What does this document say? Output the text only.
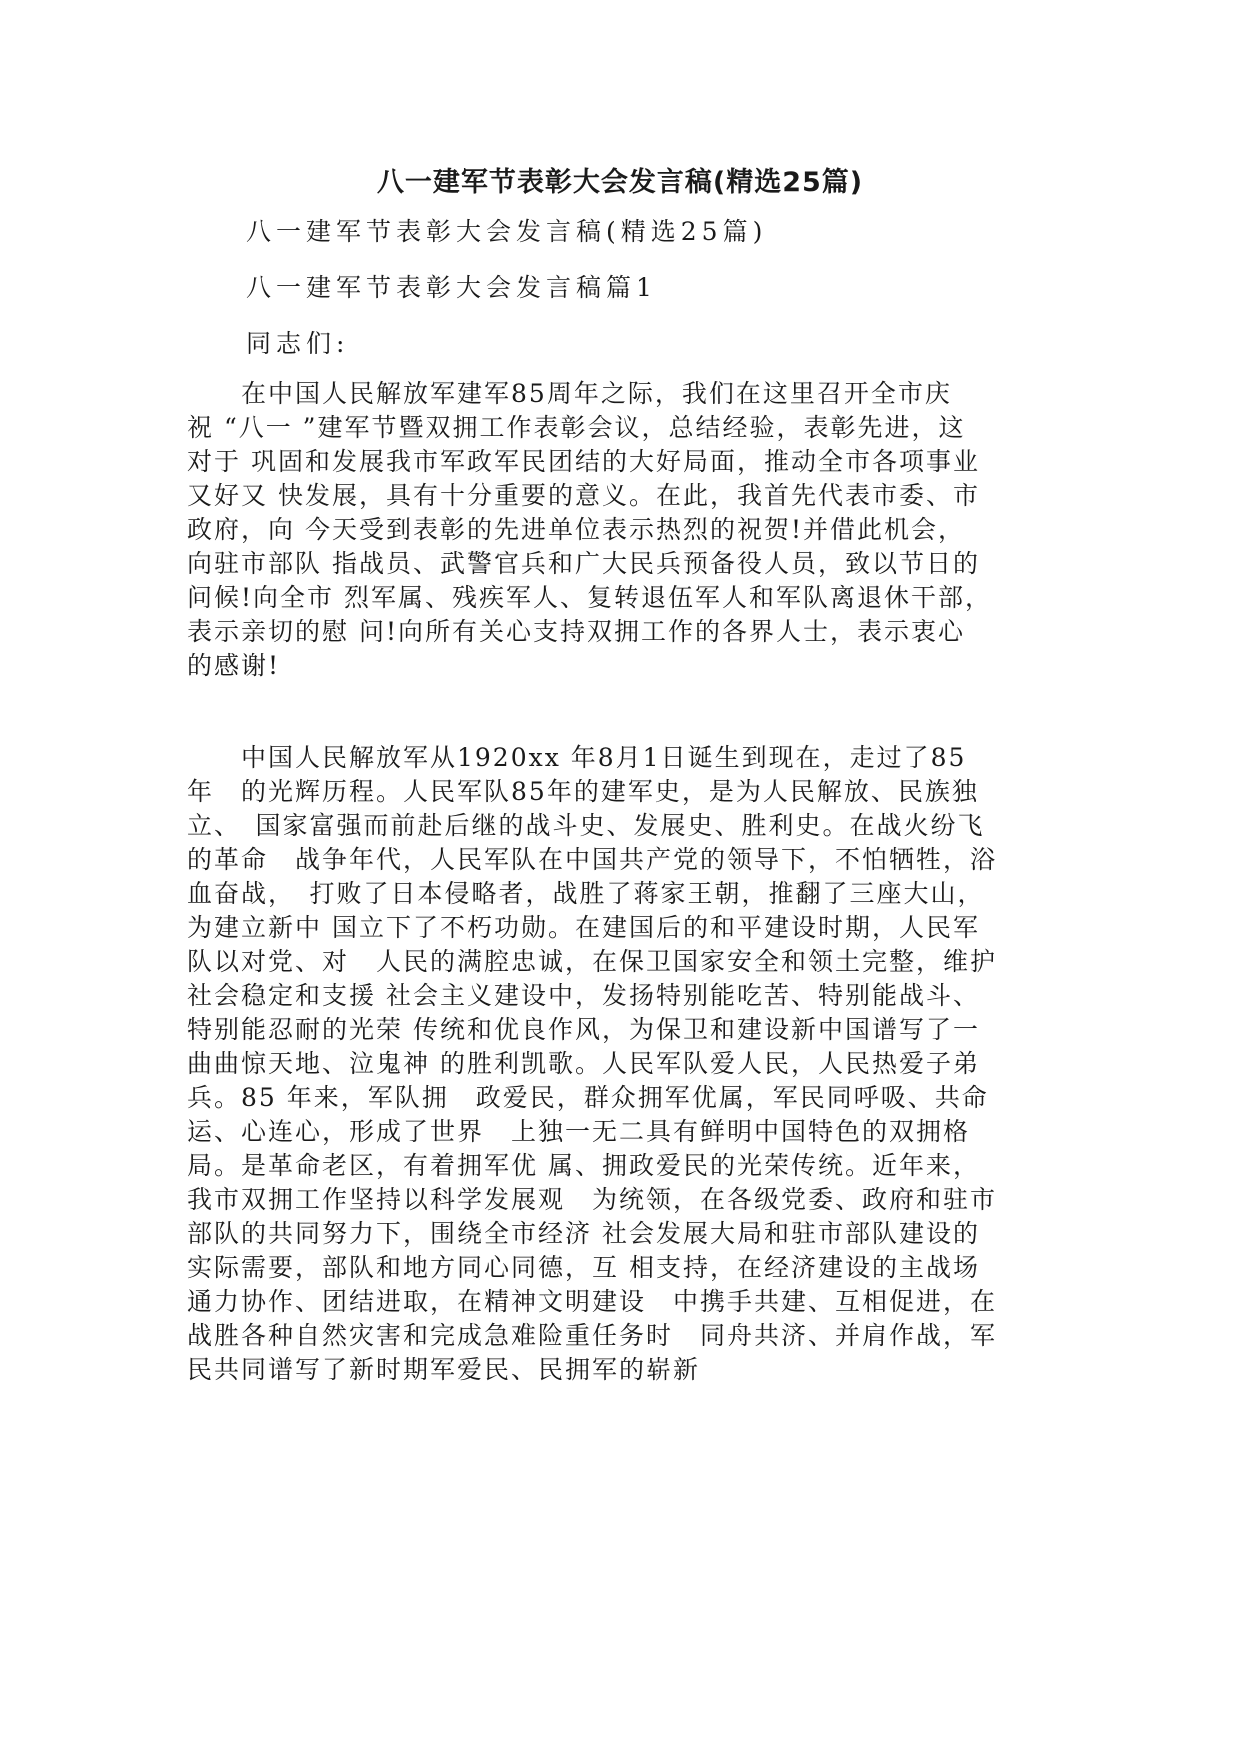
八一建军节表彰大会发言稿(精选25篇)

八一建军节表彰大会发言稿(精选25篇)

八一建军节表彰大会发言稿篇1

同志们:

　　在中国人民解放军建军85周年之际，我们在这里召开全市庆
祝 “八一 ”建军节暨双拥工作表彰会议，总结经验，表彰先进，这
对于 巩固和发展我市军政军民团结的大好局面，推动全市各项事业
又好又 快发展，具有十分重要的意义。在此，我首先代表市委、市
政府，向 今天受到表彰的先进单位表示热烈的祝贺!并借此机会，
向驻市部队 指战员、武警官兵和广大民兵预备役人员，致以节日的
问候!向全市 烈军属、残疾军人、复转退伍军人和军队离退休干部，
表示亲切的慰 问!向所有关心支持双拥工作的各界人士，表示衷心
的感谢!
　　中国人民解放军从1920xx 年8月1日诞生到现在，走过了85
年　的光辉历程。人民军队85年的建军史，是为人民解放、民族独
立、　国家富强而前赴后继的战斗史、发展史、胜利史。在战火纷飞
的革命　战争年代，人民军队在中国共产党的领导下，不怕牺牲，浴
血奋战，　打败了日本侵略者，战胜了蒋家王朝，推翻了三座大山，
为建立新中 国立下了不朽功勋。在建国后的和平建设时期，人民军
队以对党、对　人民的满腔忠诚，在保卫国家安全和领土完整，维护
社会稳定和支援 社会主义建设中，发扬特别能吃苦、特别能战斗、
特别能忍耐的光荣 传统和优良作风，为保卫和建设新中国谱写了一
曲曲惊天地、泣鬼神 的胜利凯歌。人民军队爱人民，人民热爱子弟
兵。85 年来，军队拥　政爱民，群众拥军优属，军民同呼吸、共命
运、心连心，形成了世界　上独一无二具有鲜明中国特色的双拥格
局。是革命老区，有着拥军优 属、拥政爱民的光荣传统。近年来，
我市双拥工作坚持以科学发展观　为统领，在各级党委、政府和驻市
部队的共同努力下，围绕全市经济 社会发展大局和驻市部队建设的
实际需要，部队和地方同心同德，互 相支持，在经济建设的主战场
通力协作、团结进取，在精神文明建设　中携手共建、互相促进，在
战胜各种自然灾害和完成急难险重任务时　同舟共济、并肩作战，军
民共同谱写了新时期军爱民、民拥军的崭新
